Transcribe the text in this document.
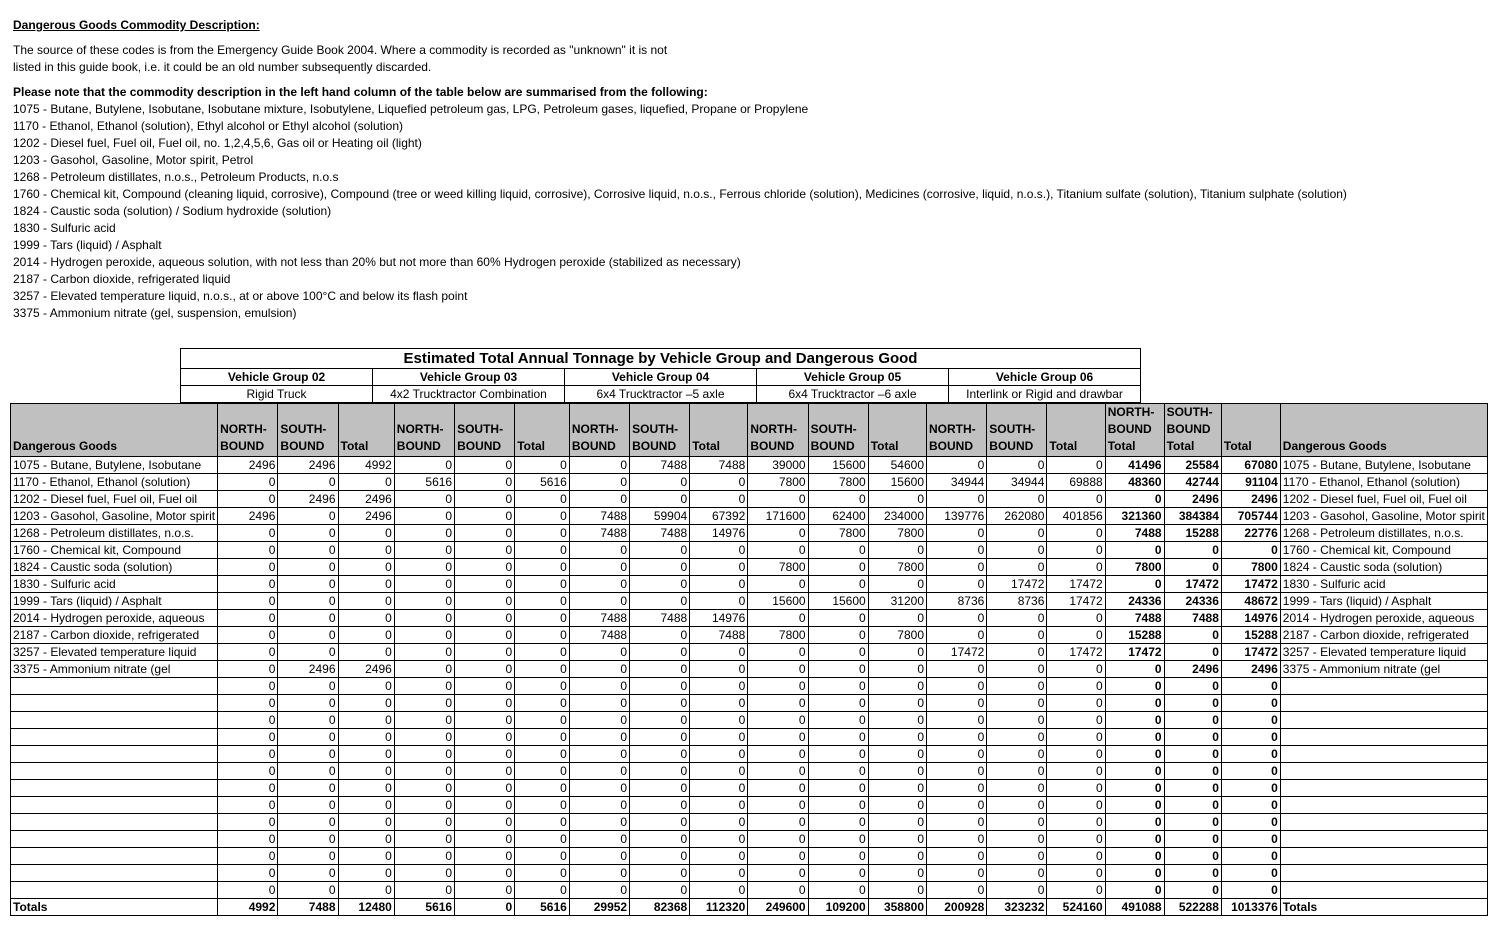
Dangerous Goods Commodity Description:
The source of these codes is from the Emergency Guide Book 2004. Where a commodity is recorded as "unknown" it is not
listed in this guide book, i.e. it could be an old number subsequently discarded.
Please note that the commodity description in the left hand column of the table below are summarised from the following:
1075 - Butane, Butylene, Isobutane, Isobutane mixture, Isobutylene, Liquefied petroleum gas, LPG, Petroleum gases, liquefied, Propane or Propylene
1170 - Ethanol, Ethanol (solution), Ethyl alcohol or Ethyl alcohol (solution)
1202 - Diesel fuel, Fuel oil, Fuel oil, no. 1,2,4,5,6, Gas oil or Heating oil (light)
1203 - Gasohol, Gasoline, Motor spirit, Petrol
1268 - Petroleum distillates, n.o.s., Petroleum Products, n.o.s
1760 - Chemical kit, Compound (cleaning liquid, corrosive), Compound (tree or weed killing liquid, corrosive), Corrosive liquid, n.o.s., Ferrous chloride (solution), Medicines (corrosive, liquid, n.o.s.), Titanium sulfate (solution), Titanium sulphate (solution)
1824 - Caustic soda (solution) / Sodium hydroxide (solution)
1830 - Sulfuric acid
1999 - Tars (liquid) / Asphalt
2014 - Hydrogen peroxide, aqueous solution, with not less than 20% but not more than 60% Hydrogen peroxide (stabilized as necessary)
2187 - Carbon dioxide, refrigerated liquid
3257 - Elevated temperature liquid, n.o.s., at or above 100°C and below its flash point
3375 - Ammonium nitrate (gel, suspension, emulsion)
Estimated Total Annual Tonnage by Vehicle Group and Dangerous Good				
Vehicle Group 02	Vehicle Group 03	Vehicle Group 04	Vehicle Group 05	Vehicle Group 06
Rigid Truck	4x2 Trucktractor Combination	6x4 Trucktractor –5 axle	6x4 Trucktractor –6 axle	Interlink or Rigid and drawbar
Dangerous Goods	NORTH-BOUND	SOUTH-BOUND	Total	NORTH-BOUND	SOUTH-BOUND	Total	NORTH-BOUND	SOUTH-BOUND	Total	NORTH-BOUND	SOUTH-BOUND	Total	NORTH-BOUND	SOUTH-BOUND	Total	NORTH-BOUND Total	SOUTH-BOUND Total	Total	Dangerous Goods
1075 - Butane, Butylene, Isobutane	2496	2496	4992	0	0	0	0	7488	7488	39000	15600	54600	0	0	0	41496	25584	67080	1075 - Butane, Butylene, Isobutane
1170 - Ethanol, Ethanol (solution)	0	0	0	5616	0	5616	0	0	0	7800	7800	15600	34944	34944	69888	48360	42744	91104	1170 - Ethanol, Ethanol (solution)
1202 - Diesel fuel, Fuel oil, Fuel oil	0	2496	2496	0	0	0	0	0	0	0	0	0	0	0	0	0	2496	2496	1202 - Diesel fuel, Fuel oil, Fuel oil
1203 - Gasohol, Gasoline, Motor spirit	2496	0	2496	0	0	0	7488	59904	67392	171600	62400	234000	139776	262080	401856	321360	384384	705744	1203 - Gasohol, Gasoline, Motor spirit
1268 - Petroleum distillates, n.o.s.	0	0	0	0	0	0	7488	7488	14976	0	7800	7800	0	0	0	7488	15288	22776	1268 - Petroleum distillates, n.o.s.
1760 - Chemical kit, Compound	0	0	0	0	0	0	0	0	0	0	0	0	0	0	0	0	0	0	1760 - Chemical kit, Compound
1824 - Caustic soda (solution)	0	0	0	0	0	0	0	0	0	7800	0	7800	0	0	0	7800	0	7800	1824 - Caustic soda (solution)
1830 - Sulfuric acid	0	0	0	0	0	0	0	0	0	0	0	0	0	17472	17472	0	17472	17472	1830 - Sulfuric acid
1999 - Tars (liquid) / Asphalt	0	0	0	0	0	0	0	0	0	15600	15600	31200	8736	8736	17472	24336	24336	48672	1999 - Tars (liquid) / Asphalt
2014 - Hydrogen peroxide, aqueous	0	0	0	0	0	0	7488	7488	14976	0	0	0	0	0	0	7488	7488	14976	2014 - Hydrogen peroxide, aqueous
2187 - Carbon dioxide, refrigerated	0	0	0	0	0	0	7488	0	7488	7800	0	7800	0	0	0	15288	0	15288	2187 - Carbon dioxide, refrigerated
3257 - Elevated temperature liquid	0	0	0	0	0	0	0	0	0	0	0	0	17472	0	17472	17472	0	17472	3257 - Elevated temperature liquid
3375 - Ammonium nitrate (gel	0	2496	2496	0	0	0	0	0	0	0	0	0	0	0	0	0	2496	2496	3375 - Ammonium nitrate (gel
	0	0	0	0	0	0	0	0	0	0	0	0	0	0	0	0	0	0	
	0	0	0	0	0	0	0	0	0	0	0	0	0	0	0	0	0	0	
	0	0	0	0	0	0	0	0	0	0	0	0	0	0	0	0	0	0	
	0	0	0	0	0	0	0	0	0	0	0	0	0	0	0	0	0	0	
	0	0	0	0	0	0	0	0	0	0	0	0	0	0	0	0	0	0	
	0	0	0	0	0	0	0	0	0	0	0	0	0	0	0	0	0	0	
	0	0	0	0	0	0	0	0	0	0	0	0	0	0	0	0	0	0	
	0	0	0	0	0	0	0	0	0	0	0	0	0	0	0	0	0	0	
	0	0	0	0	0	0	0	0	0	0	0	0	0	0	0	0	0	0	
	0	0	0	0	0	0	0	0	0	0	0	0	0	0	0	0	0	0	
	0	0	0	0	0	0	0	0	0	0	0	0	0	0	0	0	0	0	
	0	0	0	0	0	0	0	0	0	0	0	0	0	0	0	0	0	0	
	0	0	0	0	0	0	0	0	0	0	0	0	0	0	0	0	0	0	
Totals	4992	7488	12480	5616	0	5616	29952	82368	112320	249600	109200	358800	200928	323232	524160	491088	522288	1013376	Totals
